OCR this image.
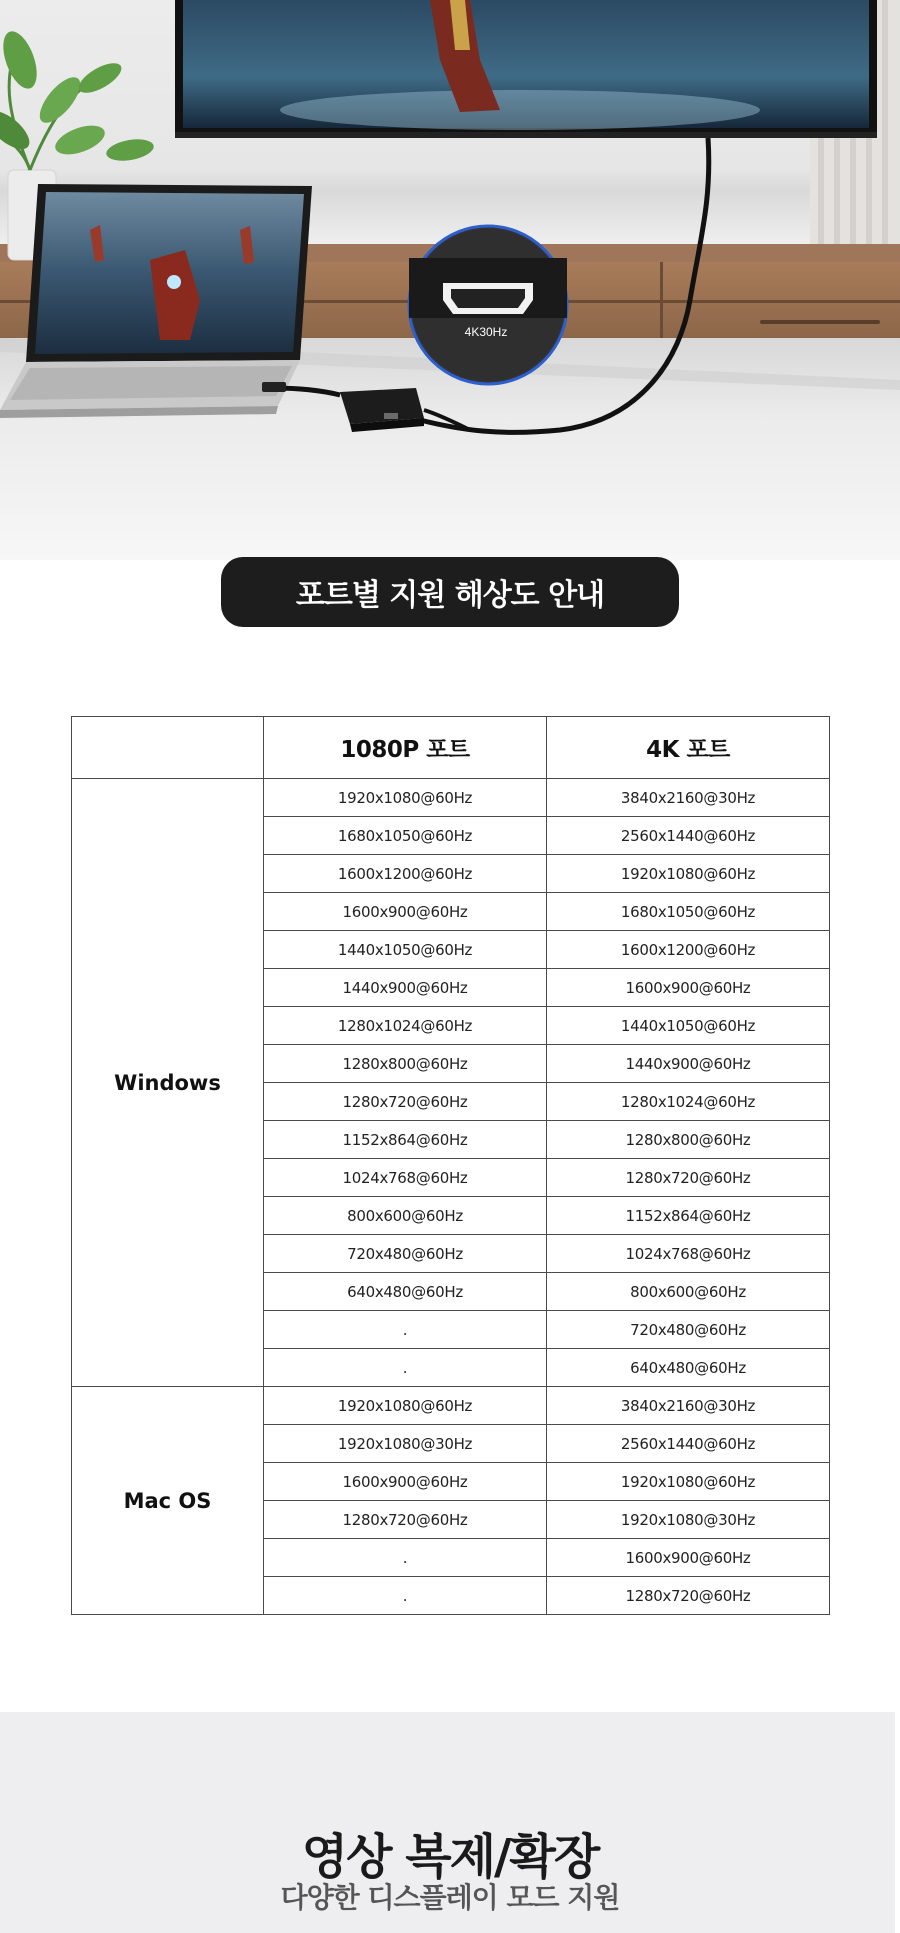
4K30Hz
포트별 지원 해상도 안내
	1080P 포트	4K 포트
Windows	1920x1080@60Hz	3840x2160@30Hz
	1680x1050@60Hz	2560x1440@60Hz
	1600x1200@60Hz	1920x1080@60Hz
	1600x900@60Hz	1680x1050@60Hz
	1440x1050@60Hz	1600x1200@60Hz
	1440x900@60Hz	1600x900@60Hz
	1280x1024@60Hz	1440x1050@60Hz
	1280x800@60Hz	1440x900@60Hz
	1280x720@60Hz	1280x1024@60Hz
	1152x864@60Hz	1280x800@60Hz
	1024x768@60Hz	1280x720@60Hz
	800x600@60Hz	1152x864@60Hz
	720x480@60Hz	1024x768@60Hz
	640x480@60Hz	800x600@60Hz
	.	720x480@60Hz
	.	640x480@60Hz
Mac OS	1920x1080@60Hz	3840x2160@30Hz
	1920x1080@30Hz	2560x1440@60Hz
	1600x900@60Hz	1920x1080@60Hz
	1280x720@60Hz	1920x1080@30Hz
	.	1600x900@60Hz
	.	1280x720@60Hz
영상 복제/확장
다양한 디스플레이 모드 지원
